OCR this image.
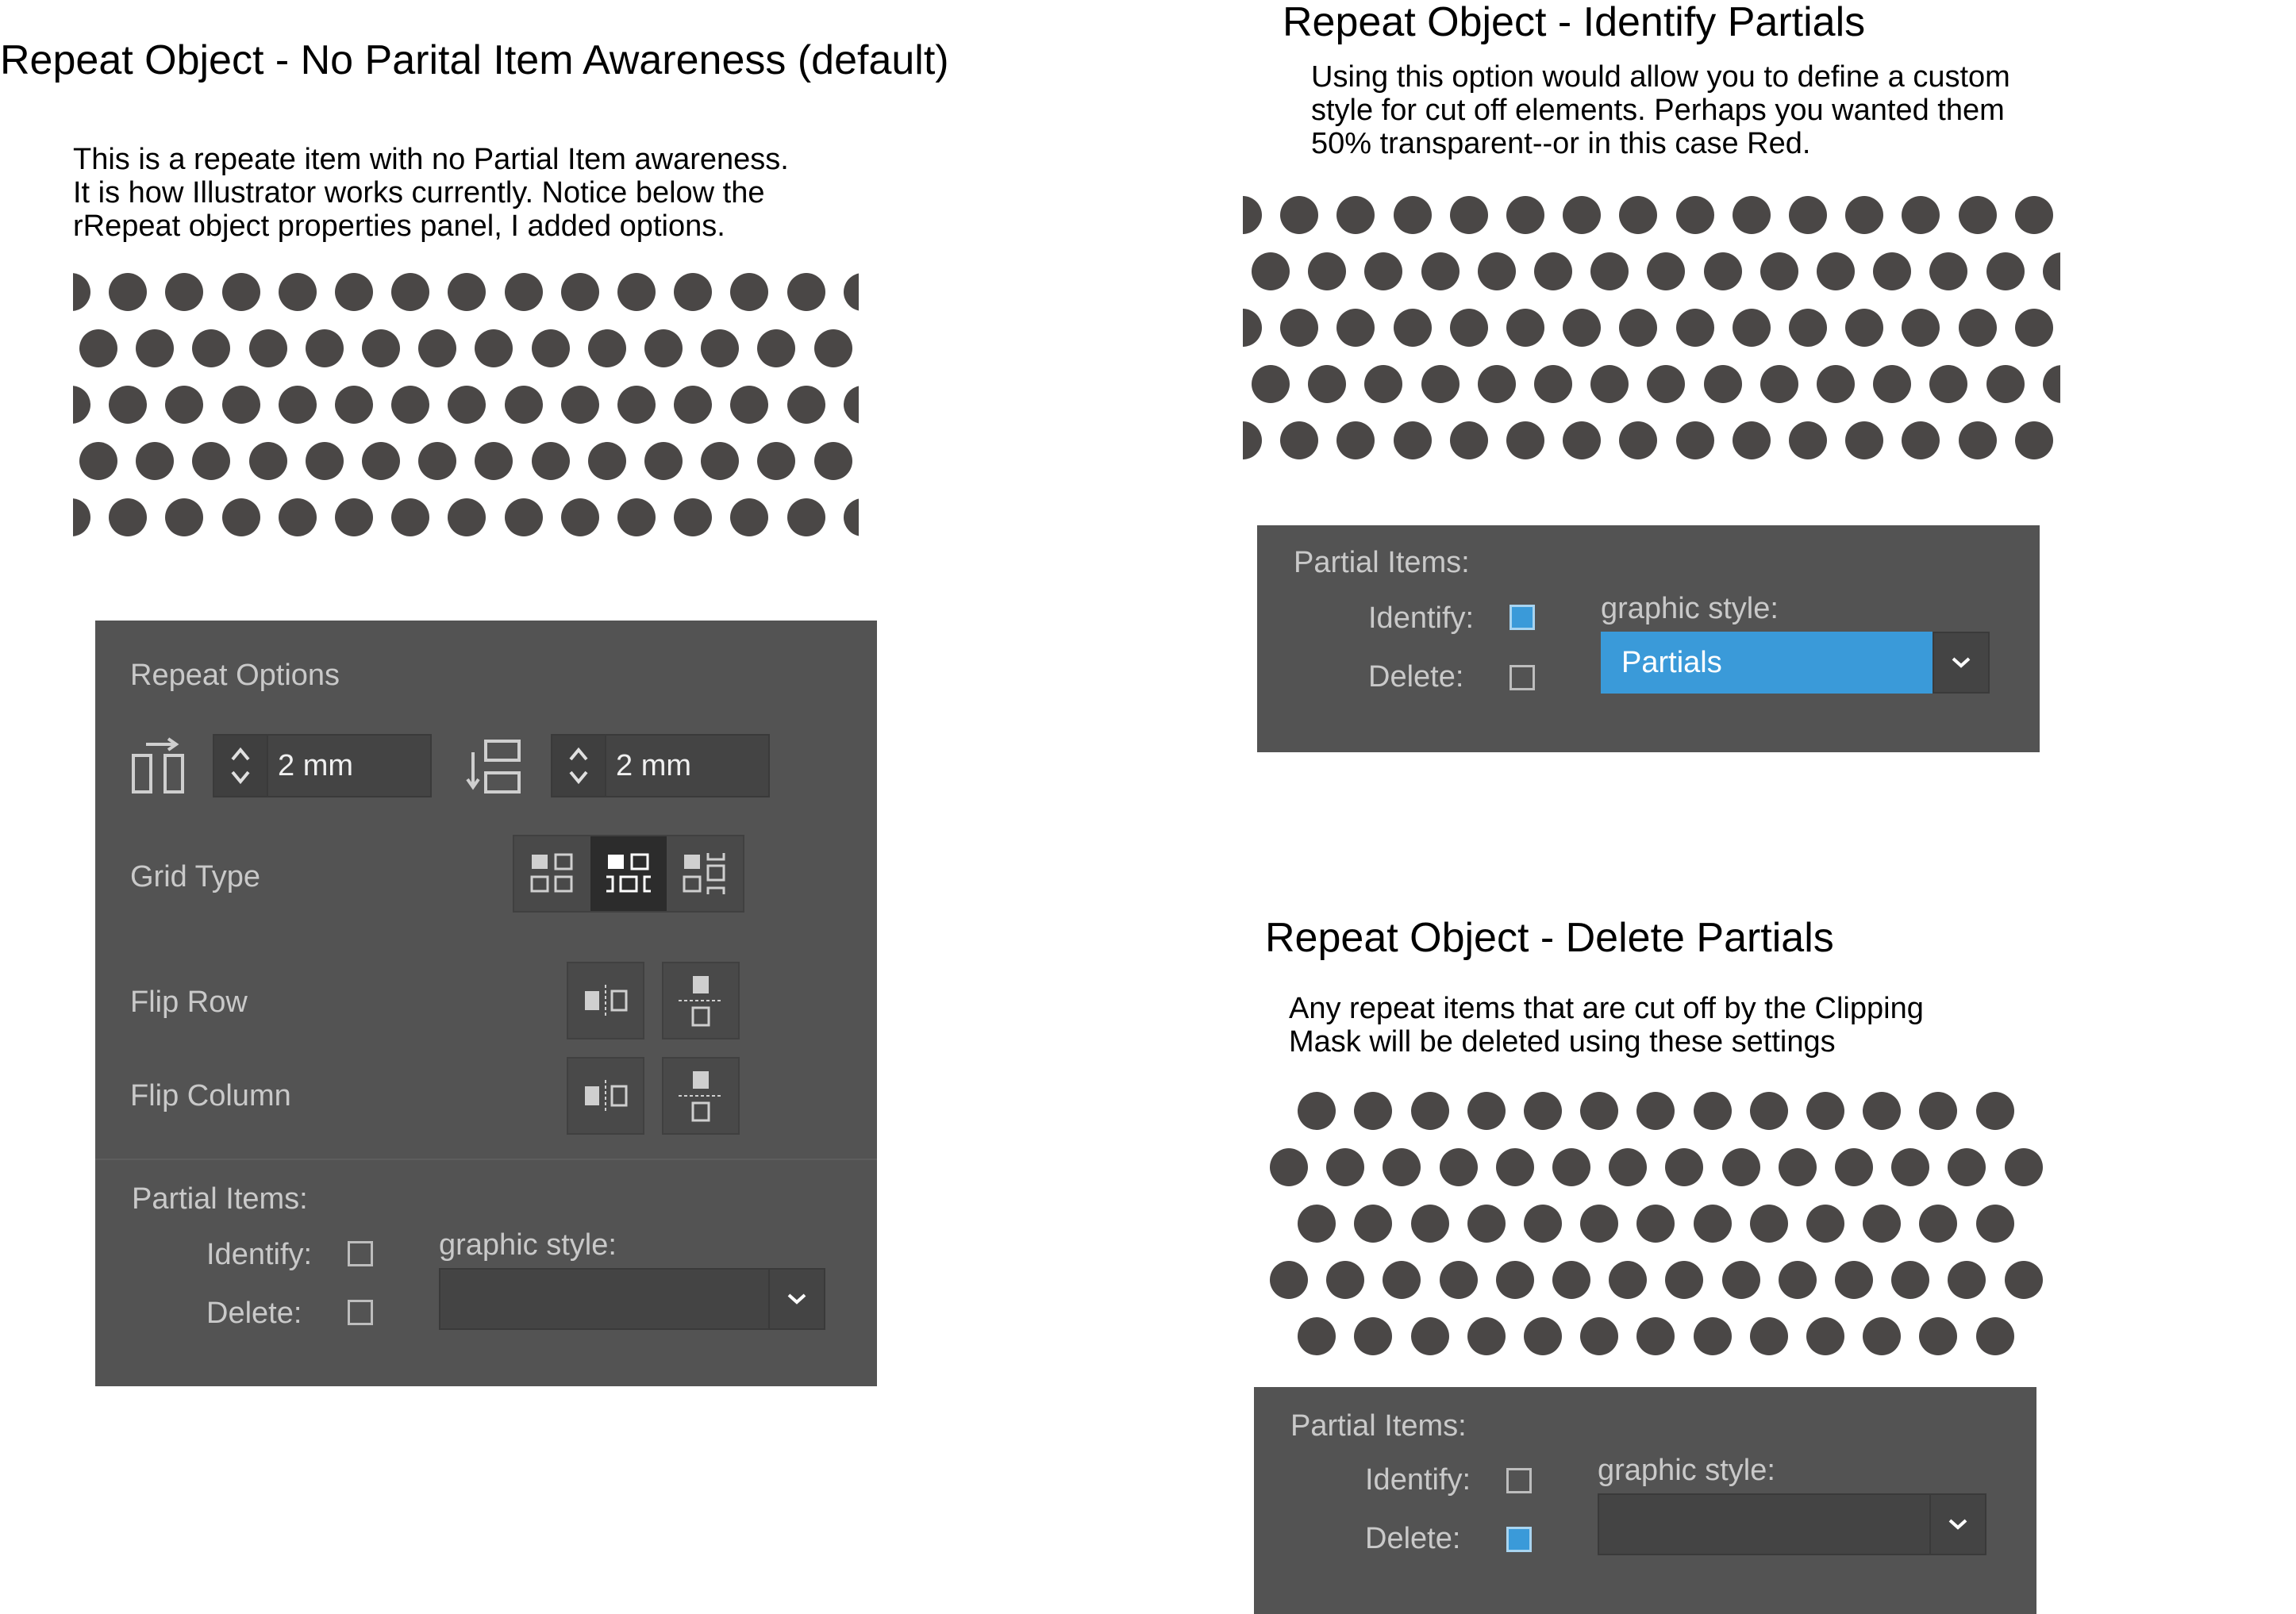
Repeat Object - No Parital Item Awareness (default)
This is a repeate item with no Partial Item awareness.
It is how Illustrator works currently. Notice below the
rRepeat object properties panel, I added options.
Repeat Options
2 mm	2 mm
Grid Type
Flip Row
Flip Column
Partial Items:
Identify:
Delete:
graphic style:
Repeat Object - Identify Partials
Using this option would allow you to define a custom
style for cut off elements. Perhaps you wanted them
50% transparent--or in this case Red.
Partial Items:
Identify:
Delete:
graphic style:
Partials
Repeat Object - Delete Partials
Any repeat items that are cut off by the Clipping
Mask will be deleted using these settings
Partial Items:
Identify:
Delete:
graphic style:
